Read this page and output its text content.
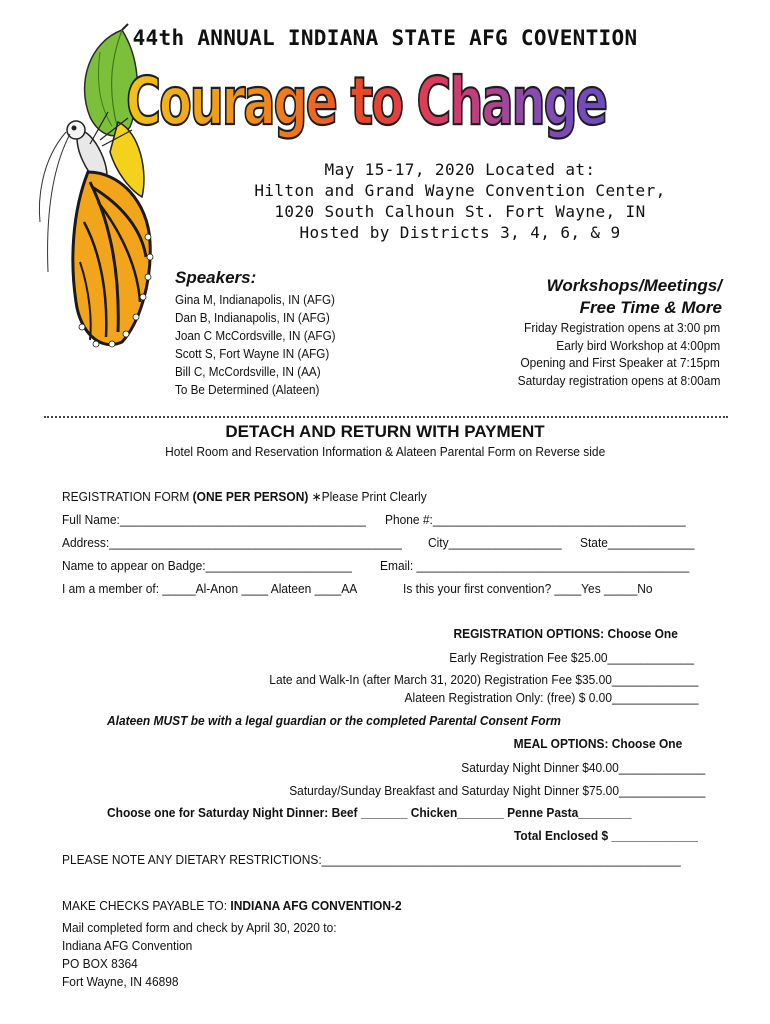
44th ANNUAL INDIANA STATE AFG COVENTION
Courage to Change
May 15-17, 2020 Located at:
Hilton and Grand Wayne Convention Center,
1020 South Calhoun St. Fort Wayne, IN
Hosted by Districts 3, 4, 6, & 9
Speakers:
Gina M, Indianapolis, IN (AFG)
Dan B, Indianapolis, IN (AFG)
Joan C McCordsville, IN (AFG)
Scott S, Fort Wayne IN (AFG)
Bill C, McCordsville, IN (AA)
To Be Determined (Alateen)
Workshops/Meetings/
Free Time & More
Friday Registration opens at 3:00 pm
Early bird Workshop at 4:00pm
Opening and First Speaker at 7:15pm
Saturday registration opens at 8:00am
DETACH AND RETURN WITH PAYMENT
Hotel Room and Reservation Information & Alateen Parental Form on Reverse side
REGISTRATION FORM (ONE PER PERSON) ∗Please Print Clearly
Full Name:_____________________________________ Phone #:______________________________________
Address:____________________________________________ City_________________ State_____________
Name to appear on Badge:______________________ Email: _________________________________________
I am a member of: _____Al-Anon ____ Alateen ____AA	Is this your first convention? ____Yes _____No
REGISTRATION OPTIONS: Choose One
Early Registration Fee $25.00_____________
Late and Walk-In (after March 31, 2020) Registration Fee $35.00_____________
Alateen Registration Only: (free) $ 0.00_____________
Alateen MUST be with a legal guardian or the completed Parental Consent Form
MEAL OPTIONS: Choose One
Saturday Night Dinner $40.00_____________
Saturday/Sunday Breakfast and Saturday Night Dinner $75.00_____________
Choose one for Saturday Night Dinner: Beef _______ Chicken_______ Penne Pasta________
Total Enclosed $ _____________
PLEASE NOTE ANY DIETARY RESTRICTIONS:______________________________________________________
MAKE CHECKS PAYABLE TO: INDIANA AFG CONVENTION-2
Mail completed form and check by April 30, 2020 to:
Indiana AFG Convention
PO BOX 8364
Fort Wayne, IN 46898
